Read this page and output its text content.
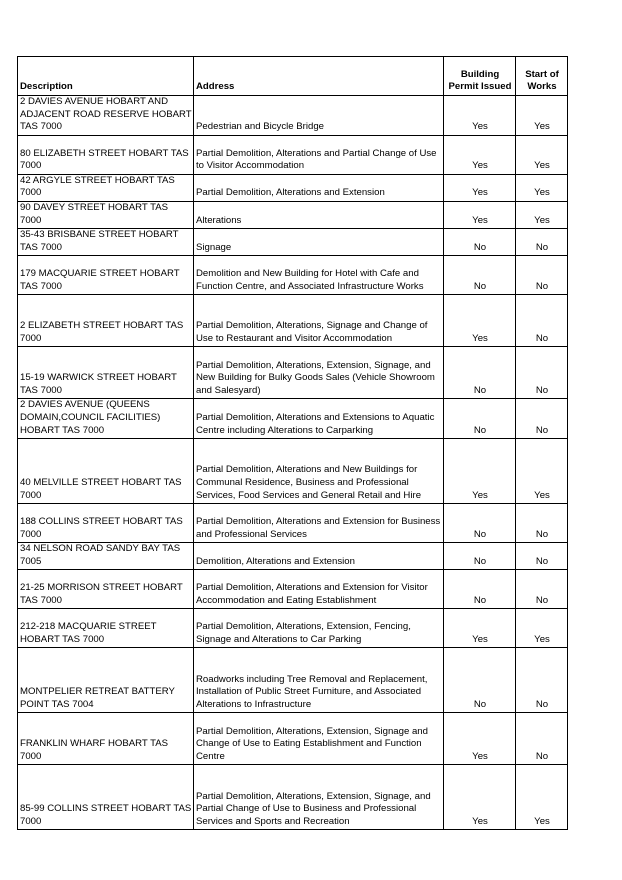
Description	Address	Building Permit Issued	Start of Works
2 DAVIES AVENUE HOBART AND ADJACENT ROAD RESERVE HOBART TAS 7000	Pedestrian and Bicycle Bridge	Yes	Yes
80 ELIZABETH STREET HOBART TAS 7000	Partial Demolition, Alterations and Partial Change of Use to Visitor Accommodation	Yes	Yes
42 ARGYLE STREET HOBART TAS 7000	Partial Demolition, Alterations and Extension	Yes	Yes
90 DAVEY STREET HOBART TAS 7000	Alterations	Yes	Yes
35-43 BRISBANE STREET HOBART TAS 7000	Signage	No	No
179 MACQUARIE STREET HOBART TAS 7000	Demolition and New Building for Hotel with Cafe and Function Centre, and Associated Infrastructure Works	No	No
2 ELIZABETH STREET HOBART TAS 7000	Partial Demolition, Alterations, Signage and Change of Use to Restaurant and Visitor Accommodation	Yes	No
15-19 WARWICK STREET HOBART TAS 7000	Partial Demolition, Alterations, Extension, Signage, and New Building for Bulky Goods Sales (Vehicle Showroom and Salesyard)	No	No
2 DAVIES AVENUE (QUEENS DOMAIN,COUNCIL FACILITIES) HOBART TAS 7000	Partial Demolition, Alterations and Extensions to Aquatic Centre including Alterations to Carparking	No	No
40 MELVILLE STREET HOBART TAS 7000	Partial Demolition, Alterations and New Buildings for Communal Residence, Business and Professional Services, Food Services and General Retail and Hire	Yes	Yes
188 COLLINS STREET HOBART TAS 7000	Partial Demolition, Alterations and Extension for Business and Professional Services	No	No
34 NELSON ROAD SANDY BAY TAS 7005	Demolition, Alterations and Extension	No	No
21-25 MORRISON STREET HOBART TAS 7000	Partial Demolition, Alterations and Extension for Visitor Accommodation and Eating Establishment	No	No
212-218 MACQUARIE STREET HOBART TAS 7000	Partial Demolition, Alterations, Extension, Fencing, Signage and Alterations to Car Parking	Yes	Yes
MONTPELIER RETREAT BATTERY POINT TAS 7004	Roadworks including Tree Removal and Replacement, Installation of Public Street Furniture, and Associated Alterations to Infrastructure	No	No
FRANKLIN WHARF HOBART TAS 7000	Partial Demolition, Alterations, Extension, Signage and Change of Use to Eating Establishment and Function Centre	Yes	No
85-99 COLLINS STREET HOBART TAS 7000	Partial Demolition, Alterations, Extension, Signage, and Partial Change of Use to Business and Professional Services and Sports and Recreation	Yes	Yes
